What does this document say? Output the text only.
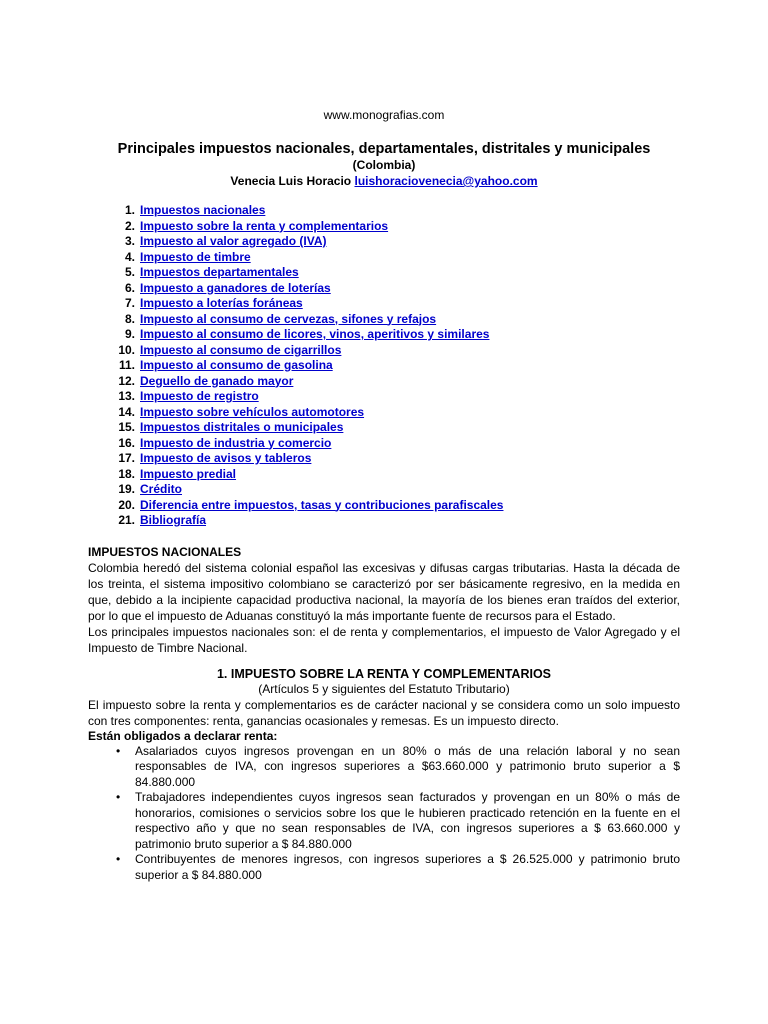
www.monografias.com
Principales impuestos nacionales, departamentales, distritales y municipales
(Colombia)
Venecia Luis Horacio luishoraciovenecia@yahoo.com
1. Impuestos nacionales
2. Impuesto sobre la renta y complementarios
3. Impuesto al valor agregado (IVA)
4. Impuesto de timbre
5. Impuestos departamentales
6. Impuesto a ganadores de loterías
7. Impuesto a loterías foráneas
8. Impuesto al consumo de cervezas, sifones y refajos
9. Impuesto al consumo de licores, vinos, aperitivos y similares
10. Impuesto al consumo de cigarrillos
11. Impuesto al consumo de gasolina
12. Deguello de ganado mayor
13. Impuesto de registro
14. Impuesto sobre vehículos automotores
15. Impuestos distritales o municipales
16. Impuesto de industria y comercio
17. Impuesto de avisos y tableros
18. Impuesto predial
19. Crédito
20. Diferencia entre impuestos, tasas y contribuciones parafiscales
21. Bibliografía
IMPUESTOS NACIONALES

Colombia heredó del sistema colonial español las excesivas y difusas cargas tributarias. Hasta la década de los treinta, el sistema impositivo colombiano se caracterizó por ser básicamente regresivo, en la medida en que, debido a la incipiente capacidad productiva nacional, la mayoría de los bienes eran traídos del exterior, por lo que el impuesto de Aduanas constituyó la más importante fuente de recursos para el Estado.

Los principales impuestos nacionales son: el de renta y complementarios, el impuesto de Valor Agregado y el Impuesto de Timbre Nacional.

1. IMPUESTO SOBRE LA RENTA Y COMPLEMENTARIOS
(Artículos 5 y siguientes del Estatuto Tributario)

El impuesto sobre la renta y complementarios es de carácter nacional y se considera como un solo impuesto con tres componentes: renta, ganancias ocasionales y remesas. Es un impuesto directo.

Están obligados a declarar renta:
• Asalariados cuyos ingresos provengan en un 80% o más de una relación laboral y no sean responsables de IVA, con ingresos superiores a $63.660.000 y patrimonio bruto superior a $ 84.880.000
• Trabajadores independientes cuyos ingresos sean facturados y provengan en un 80% o más de honorarios, comisiones o servicios sobre los que le hubieren practicado retención en la fuente en el respectivo año y que no sean responsables de IVA, con ingresos superiores a $ 63.660.000 y patrimonio bruto superior a $ 84.880.000
• Contribuyentes de menores ingresos, con ingresos superiores a $ 26.525.000 y patrimonio bruto superior a $ 84.880.000
